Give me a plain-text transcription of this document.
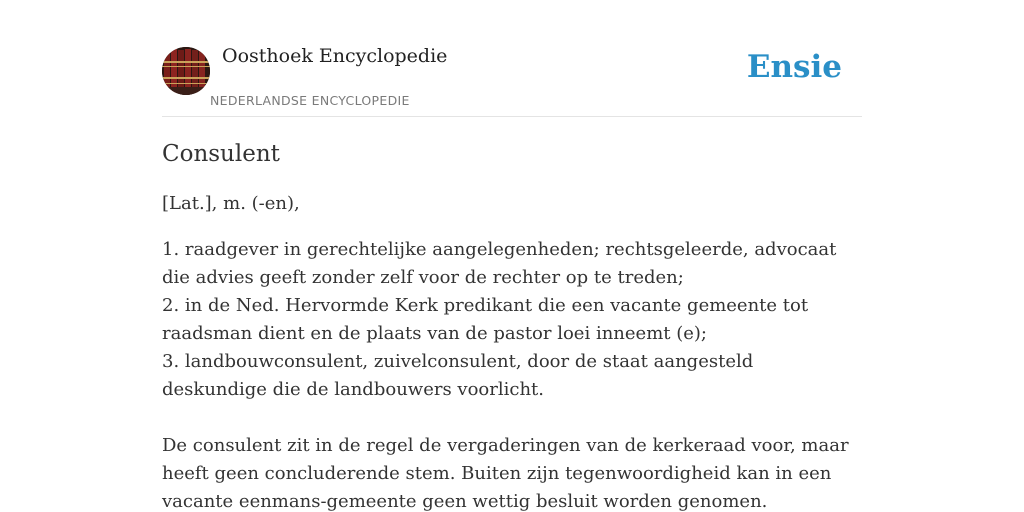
Oosthoek Encyclopedie
NEDERLANDSE ENCYCLOPEDIE
Ensie
Consulent

[Lat.], m. (-en),

1. raadgever in gerechtelijke aangelegenheden; rechtsgeleerde, advocaat die advies geeft zonder zelf voor de rechter op te treden;
2. in de Ned. Hervormde Kerk predikant die een vacante gemeente tot raadsman dient en de plaats van de pastor loei inneemt (e);
3. landbouwconsulent, zuivelconsulent, door de staat aangesteld deskundige die de landbouwers voorlicht.

De consulent zit in de regel de vergaderingen van de kerkeraad voor, maar heeft geen concluderende stem. Buiten zijn tegenwoordigheid kan in een vacante eenmans-gemeente geen wettig besluit worden genomen.
